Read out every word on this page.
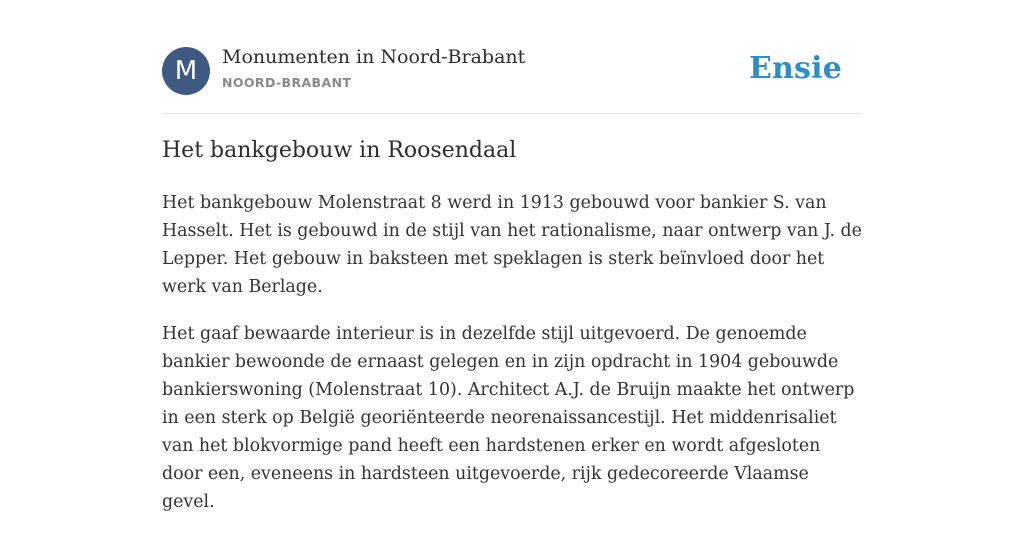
M	Monumenten in Noord-Brabant
NOORD-BRABANT	Ensie
Het bankgebouw in Roosendaal

Het bankgebouw Molenstraat 8 werd in 1913 gebouwd voor bankier S. van Hasselt. Het is gebouwd in de stijl van het rationalisme, naar ontwerp van J. de Lepper. Het gebouw in baksteen met speklagen is sterk beïnvloed door het werk van Berlage.

Het gaaf bewaarde interieur is in dezelfde stijl uitgevoerd. De genoemde bankier bewoonde de ernaast gelegen en in zijn opdracht in 1904 gebouwde bankierswoning (Molenstraat 10). Architect A.J. de Bruijn maakte het ontwerp in een sterk op België georiënteerde neorenaissancestijl. Het middenrisaliet van het blokvormige pand heeft een hardstenen erker en wordt afgesloten door een, eveneens in hardsteen uitgevoerde, rijk gedecoreerde Vlaamse gevel.
